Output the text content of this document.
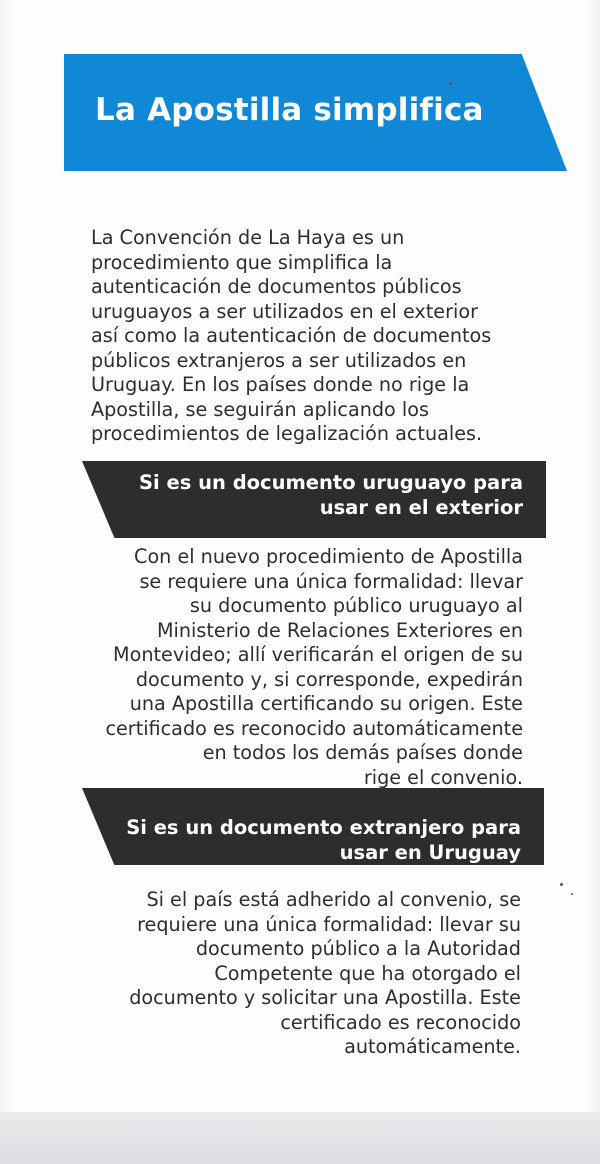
La Apostilla simplifica
La Convención de La Haya es un
procedimiento que simplifica la
autenticación de documentos públicos
uruguayos a ser utilizados en el exterior
así como la autenticación de documentos
públicos extranjeros a ser utilizados en
Uruguay. En los países donde no rige la
Apostilla, se seguirán aplicando los
procedimientos de legalización actuales.
Si es un documento uruguayo para
usar en el exterior
Con el nuevo procedimiento de Apostilla
se requiere una única formalidad: llevar
su documento público uruguayo al
Ministerio de Relaciones Exteriores en
Montevideo; allí verificarán el origen de su
documento y, si corresponde, expedirán
una Apostilla certificando su origen. Este
certificado es reconocido automáticamente
en todos los demás países donde
rige el convenio.
Si es un documento extranjero para
usar en Uruguay
Si el país está adherido al convenio, se
requiere una única formalidad: llevar su
documento público a la Autoridad
Competente que ha otorgado el
documento y solicitar una Apostilla. Este
certificado es reconocido
automáticamente.
